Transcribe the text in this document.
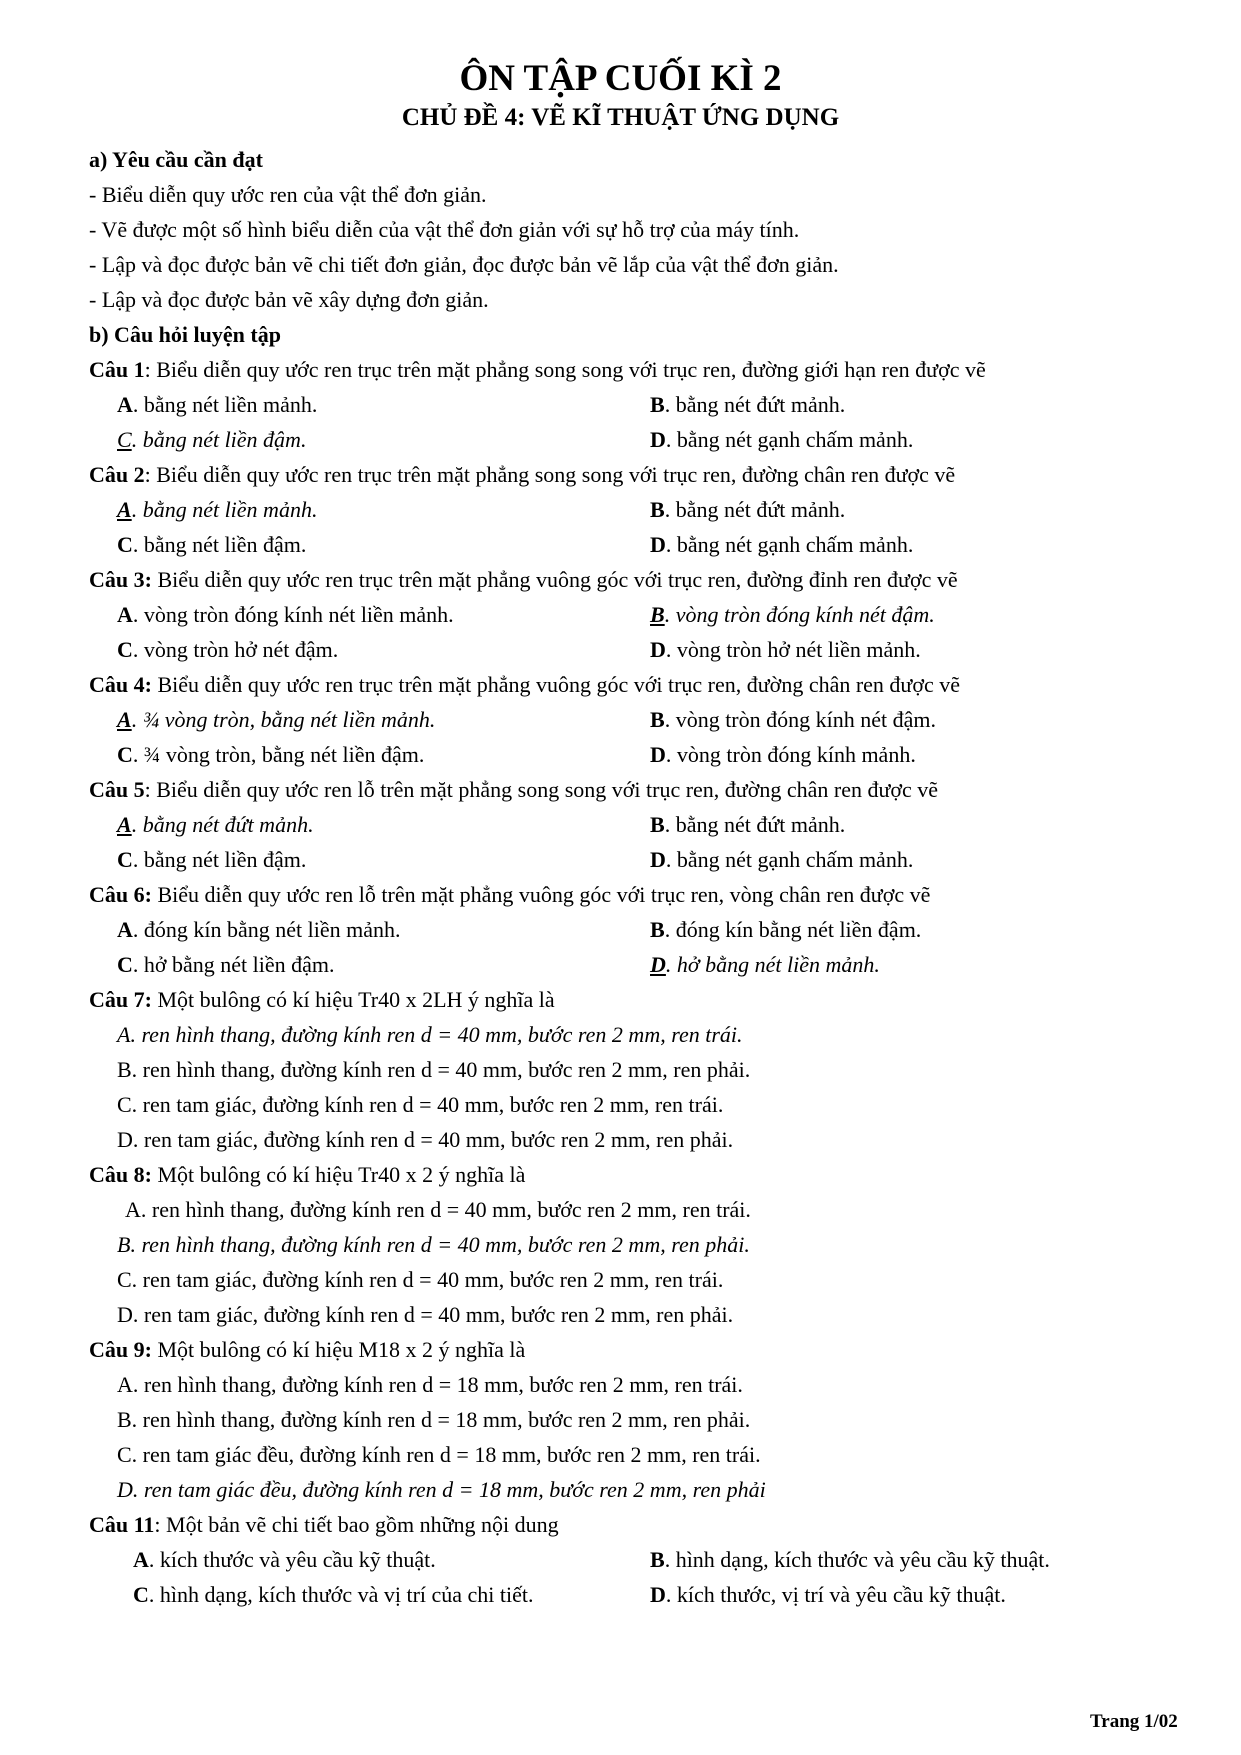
ÔN TẬP CUỐI KÌ 2
CHỦ ĐỀ 4: VẼ KĨ THUẬT ỨNG DỤNG
a) Yêu cầu cần đạt
- Biểu diễn quy ước ren của vật thể đơn giản.
- Vẽ được một số hình biểu diễn của vật thể đơn giản với sự hỗ trợ của máy tính.
- Lập và đọc được bản vẽ chi tiết đơn giản, đọc được bản vẽ lắp của vật thể đơn giản.
- Lập và đọc được bản vẽ xây dựng đơn giản.
b) Câu hỏi luyện tập
Câu 1: Biểu diễn quy ước ren trục trên mặt phẳng song song với trục ren, đường giới hạn ren được vẽ
A. bằng nét liền mảnh.	B. bằng nét đứt mảnh.
C. bằng nét liền đậm.	D. bằng nét gạnh chấm mảnh.
Câu 2: Biểu diễn quy ước ren trục trên mặt phẳng song song với trục ren, đường chân ren được vẽ
A. bằng nét liền mảnh.	B. bằng nét đứt mảnh.
C. bằng nét liền đậm.	D. bằng nét gạnh chấm mảnh.
Câu 3: Biểu diễn quy ước ren trục trên mặt phẳng vuông góc với trục ren, đường đỉnh ren được vẽ
A. vòng tròn đóng kính nét liền mảnh.	B. vòng tròn đóng kính nét đậm.
C. vòng tròn hở nét đậm.	D. vòng tròn hở nét liền mảnh.
Câu 4: Biểu diễn quy ước ren trục trên mặt phẳng vuông góc với trục ren, đường chân ren được vẽ
A. ¾ vòng tròn, bằng nét liền mảnh.	B. vòng tròn đóng kính nét đậm.
C. ¾ vòng tròn, bằng nét liền đậm.	D. vòng tròn đóng kính mảnh.
Câu 5: Biểu diễn quy ước ren lỗ trên mặt phẳng song song với trục ren, đường chân ren được vẽ
A. bằng nét đứt mảnh.	B. bằng nét đứt mảnh.
C. bằng nét liền đậm.	D. bằng nét gạnh chấm mảnh.
Câu 6: Biểu diễn quy ước ren lỗ trên mặt phẳng vuông góc với trục ren, vòng chân ren được vẽ
A. đóng kín bằng nét liền mảnh.	B. đóng kín bằng nét liền đậm.
C. hở bằng nét liền đậm.	D. hở bằng nét liền mảnh.
Câu 7: Một bulông có kí hiệu Tr40 x 2LH ý nghĩa là
A. ren hình thang, đường kính ren d = 40 mm, bước ren 2 mm, ren trái.
B. ren hình thang, đường kính ren d = 40 mm, bước ren 2 mm, ren phải.
C. ren tam giác, đường kính ren d = 40 mm, bước ren 2 mm, ren trái.
D. ren tam giác, đường kính ren d = 40 mm, bước ren 2 mm, ren phải.
Câu 8: Một bulông có kí hiệu Tr40 x 2 ý nghĩa là
A. ren hình thang, đường kính ren d = 40 mm, bước ren 2 mm, ren trái.
B. ren hình thang, đường kính ren d = 40 mm, bước ren 2 mm, ren phải.
C. ren tam giác, đường kính ren d = 40 mm, bước ren 2 mm, ren trái.
D. ren tam giác, đường kính ren d = 40 mm, bước ren 2 mm, ren phải.
Câu 9: Một bulông có kí hiệu M18 x 2 ý nghĩa là
A. ren hình thang, đường kính ren d = 18 mm, bước ren 2 mm, ren trái.
B. ren hình thang, đường kính ren d = 18 mm, bước ren 2 mm, ren phải.
C. ren tam giác đều, đường kính ren d = 18 mm, bước ren 2 mm, ren trái.
D. ren tam giác đều, đường kính ren d = 18 mm, bước ren 2 mm, ren phải
Câu 11: Một bản vẽ chi tiết bao gồm những nội dung
A. kích thước và yêu cầu kỹ thuật.	B. hình dạng, kích thước và yêu cầu kỹ thuật.
C. hình dạng, kích thước và vị trí của chi tiết.	D. kích thước, vị trí và yêu cầu kỹ thuật.
Trang 1/02
